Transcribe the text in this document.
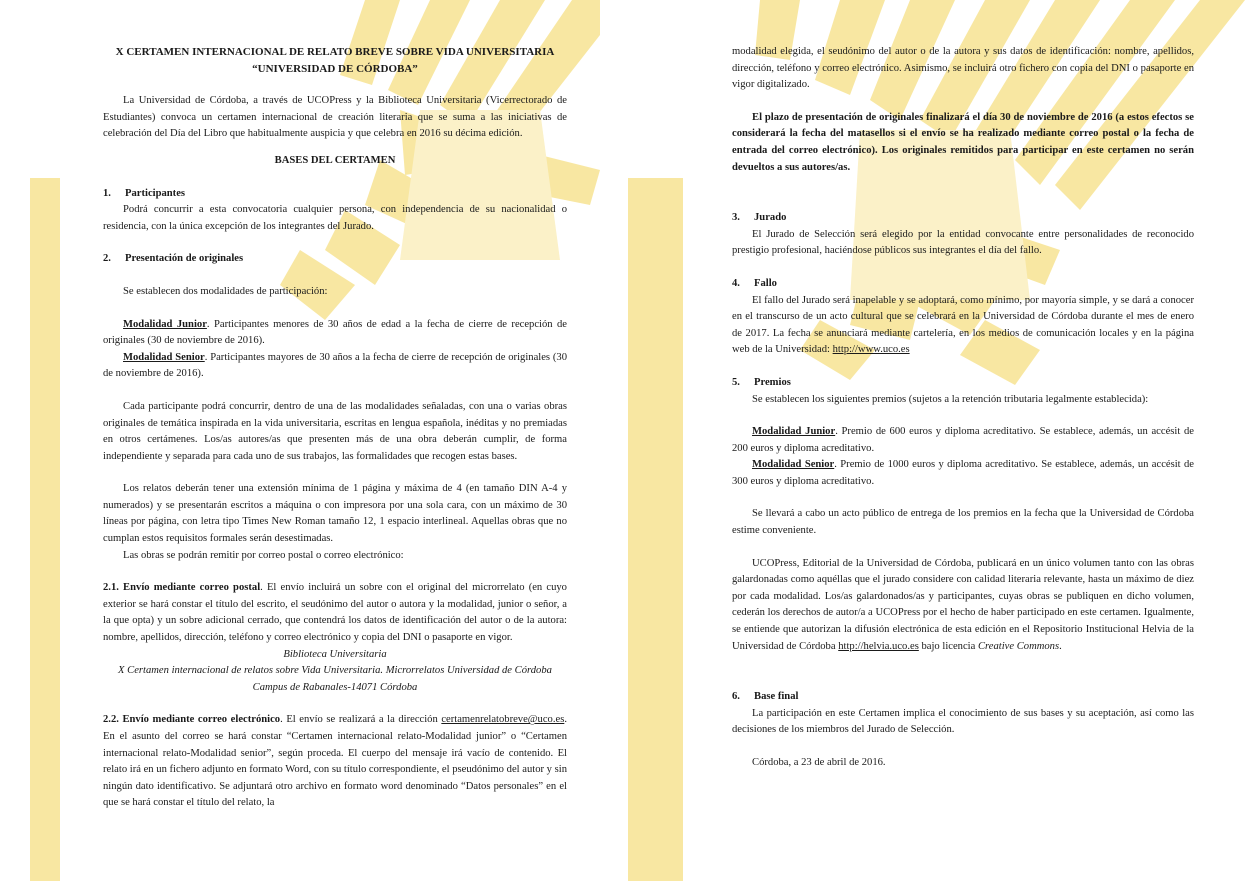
X CERTAMEN INTERNACIONAL DE RELATO BREVE SOBRE VIDA UNIVERSITARIA

“UNIVERSIDAD DE CÓRDOBA”

La Universidad de Córdoba, a través de UCOPress y la Biblioteca Universitaria (Vicerrectorado de Estudiantes) convoca un certamen internacional de creación literaria que se suma a las iniciativas de celebración del Día del Libro que habitualmente auspicia y que celebra en 2016 su décima edición.

BASES DEL CERTAMEN

1. Participantes

Podrá concurrir a esta convocatoria cualquier persona, con independencia de su nacionalidad o residencia, con la única excepción de los integrantes del Jurado.

2. Presentación de originales

Se establecen dos modalidades de participación:

Modalidad Junior. Participantes menores de 30 años de edad a la fecha de cierre de recepción de originales (30 de noviembre de 2016).

Modalidad Senior. Participantes mayores de 30 años a la fecha de cierre de recepción de originales (30 de noviembre de 2016).

Cada participante podrá concurrir, dentro de una de las modalidades señaladas, con una o varias obras originales de temática inspirada en la vida universitaria, escritas en lengua española, inéditas y no premiadas en otros certámenes. Los/as autores/as que presenten más de una obra deberán cumplir, de forma independiente y separada para cada uno de sus trabajos, las formalidades que recogen estas bases.

Los relatos deberán tener una extensión mínima de 1 página y máxima de 4 (en tamaño DIN A-4 y numerados) y se presentarán escritos a máquina o con impresora por una sola cara, con un máximo de 30 líneas por página, con letra tipo Times New Roman tamaño 12, 1 espacio interlineal. Aquellas obras que no cumplan estos requisitos formales serán desestimadas.

Las obras se podrán remitir por correo postal o correo electrónico:

2.1. Envío mediante correo postal. El envío incluirá un sobre con el original del microrrelato (en cuyo exterior se hará constar el título del escrito, el seudónimo del autor o autora y la modalidad, junior o señor, a la que opta) y un sobre adicional cerrado, que contendrá los datos de identificación del autor o de la autora: nombre, apellidos, dirección, teléfono y correo electrónico y copia del DNI o pasaporte en vigor.

Biblioteca Universitaria

X Certamen internacional de relatos sobre Vida Universitaria. Microrrelatos Universidad de Córdoba

Campus de Rabanales-14071 Córdoba

2.2. Envío mediante correo electrónico. El envío se realizará a la dirección certamenrelatobreve@uco.es. En el asunto del correo se hará constar “Certamen internacional relato-Modalidad junior” o “Certamen internacional relato-Modalidad senior”, según proceda. El cuerpo del mensaje irá vacío de contenido. El relato irá en un fichero adjunto en formato Word, con su título correspondiente, el pseudónimo del autor y sin ningún dato identificativo. Se adjuntará otro archivo en formato word denominado “Datos personales” en el que se hará constar el título del relato, la

modalidad elegida, el seudónimo del autor o de la autora y sus datos de identificación: nombre, apellidos, dirección, teléfono y correo electrónico. Asimismo, se incluirá otro fichero con copia del DNI o pasaporte en vigor digitalizado.

El plazo de presentación de originales finalizará el día 30 de noviembre de 2016 (a estos efectos se considerará la fecha del matasellos si el envío se ha realizado mediante correo postal o la fecha de entrada del correo electrónico). Los originales remitidos para participar en este certamen no serán devueltos a sus autores/as.

3. Jurado

El Jurado de Selección será elegido por la entidad convocante entre personalidades de reconocido prestigio profesional, haciéndose públicos sus integrantes el día del fallo.

4. Fallo

El fallo del Jurado será inapelable y se adoptará, como mínimo, por mayoría simple, y se dará a conocer en el transcurso de un acto cultural que se celebrará en la Universidad de Córdoba durante el mes de enero de 2017. La fecha se anunciará mediante cartelería, en los medios de comunicación locales y en la página web de la Universidad: http://www.uco.es

5. Premios

Se establecen los siguientes premios (sujetos a la retención tributaria legalmente establecida):

Modalidad Junior. Premio de 600 euros y diploma acreditativo. Se establece, además, un accésit de 200 euros y diploma acreditativo.

Modalidad Senior. Premio de 1000 euros y diploma acreditativo. Se establece, además, un accésit de 300 euros y diploma acreditativo.

Se llevará a cabo un acto público de entrega de los premios en la fecha que la Universidad de Córdoba estime conveniente.

UCOPress, Editorial de la Universidad de Córdoba, publicará en un único volumen tanto con las obras galardonadas como aquéllas que el jurado considere con calidad literaria relevante, hasta un máximo de diez por cada modalidad. Los/as galardonados/as y participantes, cuyas obras se publiquen en dicho volumen, cederán los derechos de autor/a a UCOPress por el hecho de haber participado en este certamen. Igualmente, se entiende que autorizan la difusión electrónica de esta edición en el Repositorio Institucional Helvia de la Universidad de Córdoba http://helvia.uco.es bajo licencia Creative Commons.

6. Base final

La participación en este Certamen implica el conocimiento de sus bases y su aceptación, así como las decisiones de los miembros del Jurado de Selección.

Córdoba, a 23 de abril de 2016.
